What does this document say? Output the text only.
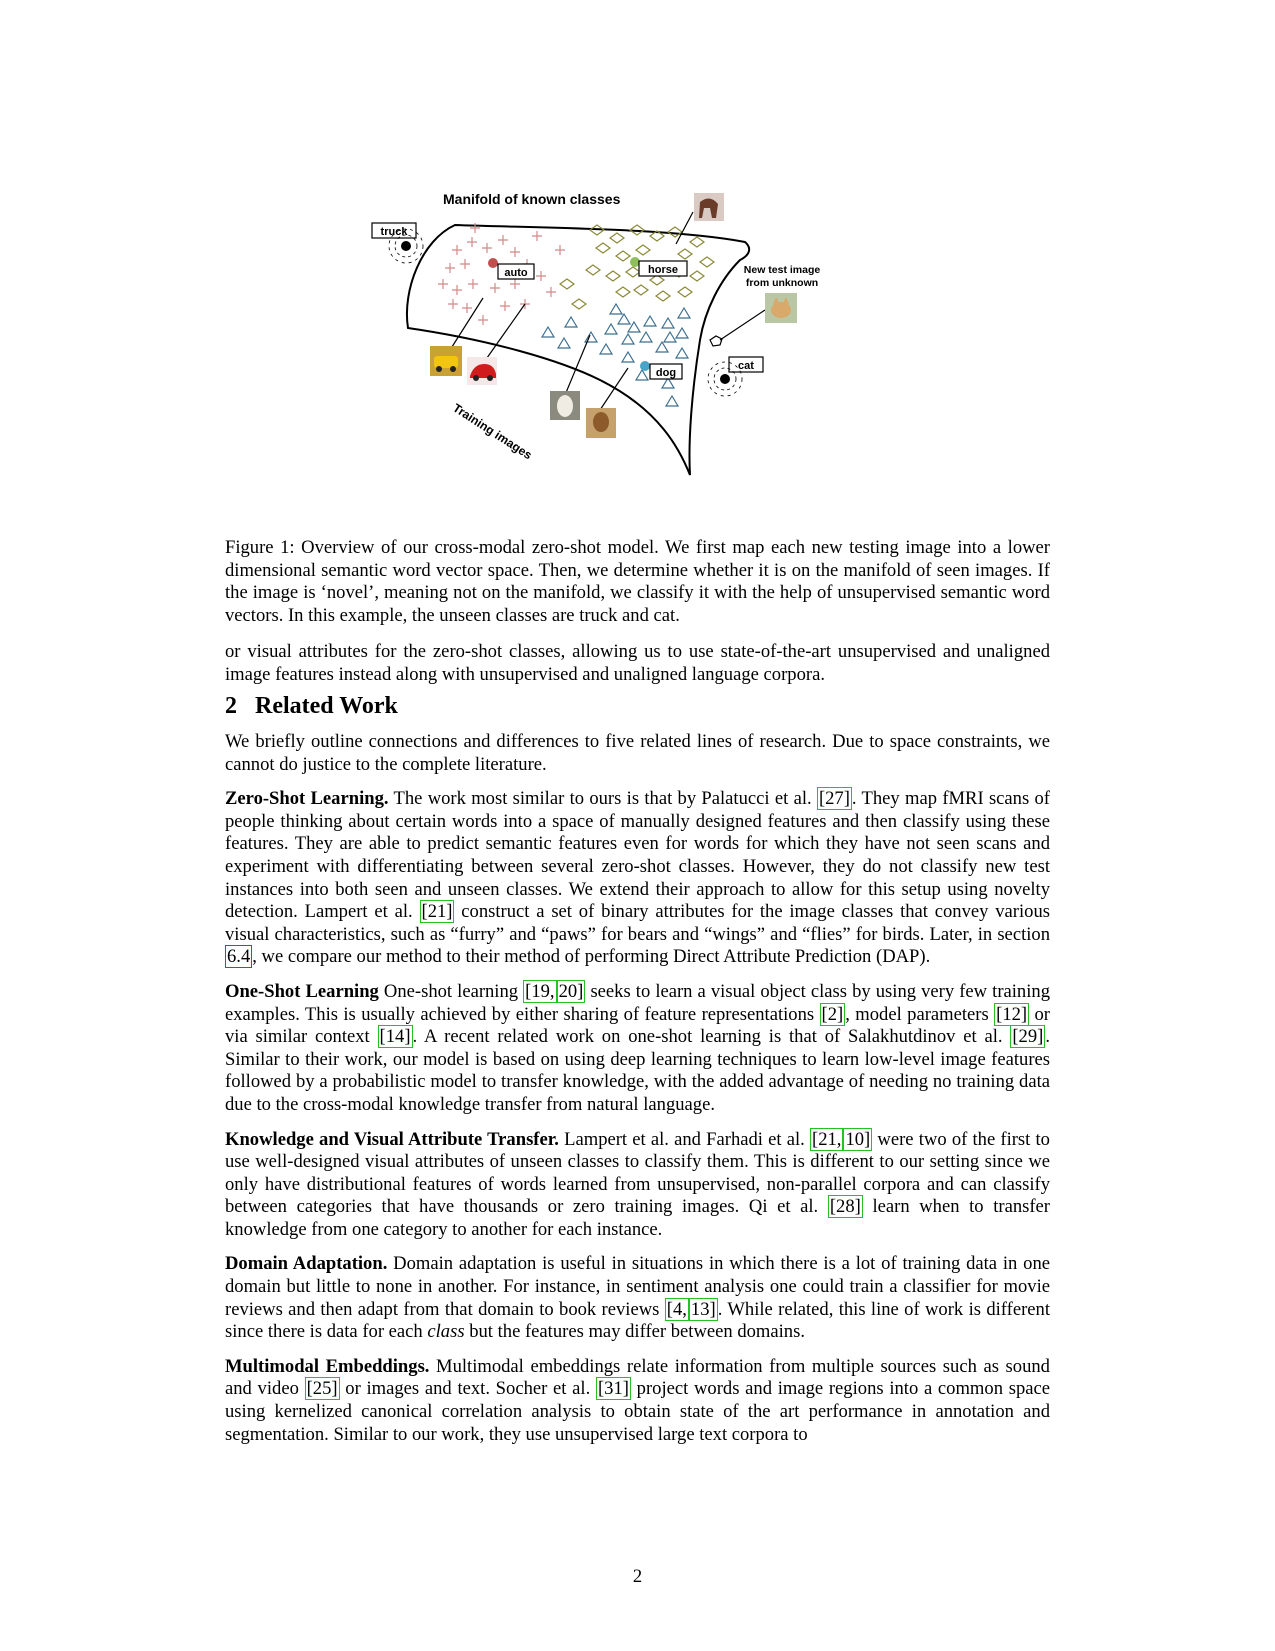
Manifold of known classes
truck
auto	horse
dog
cat
New test image
from unknown
Training images

Figure 1: Overview of our cross-modal zero-shot model. We first map each new testing image into a lower dimensional semantic word vector space. Then, we determine whether it is on the manifold of seen images. If the image is ‘novel’, meaning not on the manifold, we classify it with the help of unsupervised semantic word vectors. In this example, the unseen classes are truck and cat.

or visual attributes for the zero-shot classes, allowing us to use state-of-the-art unsupervised and unaligned image features instead along with unsupervised and unaligned language corpora.

2 Related Work

We briefly outline connections and differences to five related lines of research. Due to space constraints, we cannot do justice to the complete literature.

Zero-Shot Learning. The work most similar to ours is that by Palatucci et al. [27] . They map fMRI scans of people thinking about certain words into a space of manually designed features and then classify using these features. They are able to predict semantic features even for words for which they have not seen scans and experiment with differentiating between several zero-shot classes. However, they do not classify new test instances into both seen and unseen classes. We extend their approach to allow for this setup using novelty detection. Lampert et al. [21] construct a set of binary attributes for the image classes that convey various visual characteristics, such as “furry” and “paws” for bears and “wings” and “flies” for birds. Later, in section 6.4 , we compare our method to their method of performing Direct Attribute Prediction (DAP).

One-Shot Learning One-shot learning [19, 20] seeks to learn a visual object class by using very few training examples. This is usually achieved by either sharing of feature representations [2] , model parameters [12] or via similar context [14] . A recent related work on one-shot learning is that of Salakhutdinov et al. [29] . Similar to their work, our model is based on using deep learning techniques to learn low-level image features followed by a probabilistic model to transfer knowledge, with the added advantage of needing no training data due to the cross-modal knowledge transfer from natural language.

Knowledge and Visual Attribute Transfer. Lampert et al. and Farhadi et al. [21, 10] were two of the first to use well-designed visual attributes of unseen classes to classify them. This is different to our setting since we only have distributional features of words learned from unsupervised, non-parallel corpora and can classify between categories that have thousands or zero training images. Qi et al. [28] learn when to transfer knowledge from one category to another for each instance.

Domain Adaptation. Domain adaptation is useful in situations in which there is a lot of training data in one domain but little to none in another. For instance, in sentiment analysis one could train a classifier for movie reviews and then adapt from that domain to book reviews [4, 13] . While related, this line of work is different since there is data for each class but the features may differ between domains.

Multimodal Embeddings. Multimodal embeddings relate information from multiple sources such as sound and video [25] or images and text. Socher et al. [31] project words and image regions into a common space using kernelized canonical correlation analysis to obtain state of the art performance in annotation and segmentation. Similar to our work, they use unsupervised large text corpora to

2
